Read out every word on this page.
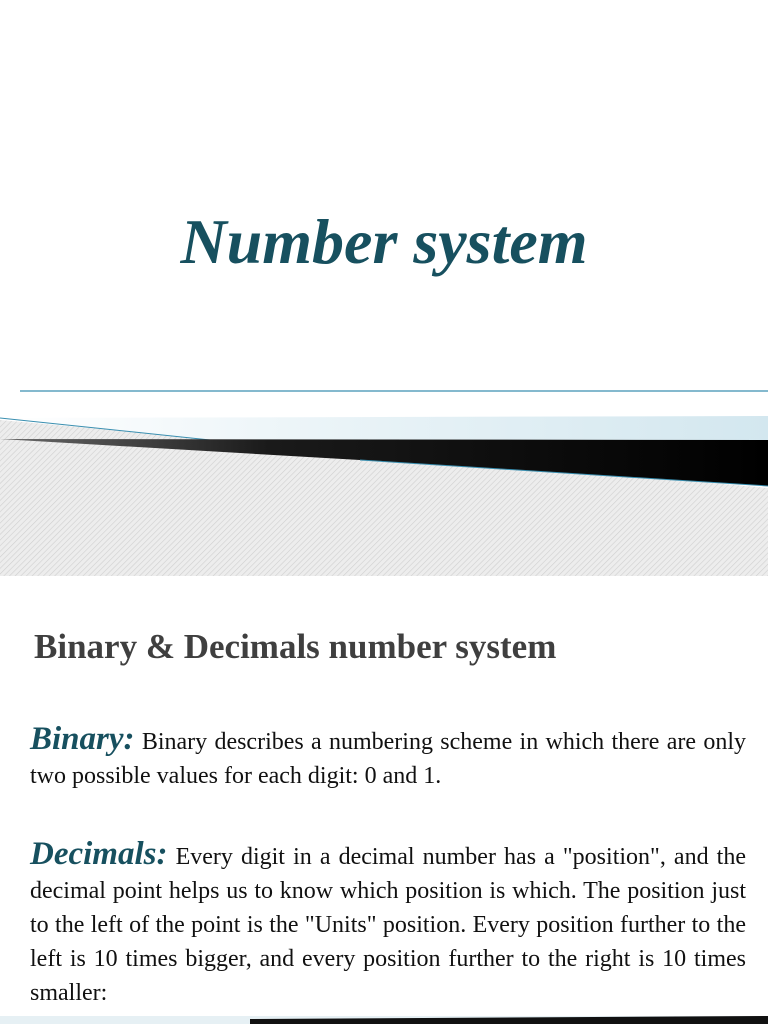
Number system
Binary & Decimals number system

Binary: Binary describes a numbering scheme in which there are only two possible values for each digit: 0 and 1.

Decimals: Every digit in a decimal number has a "position", and the decimal point helps us to know which position is which. The position just to the left of the point is the "Units" position. Every position further to the left is 10 times bigger, and every position further to the right is 10 times smaller:
